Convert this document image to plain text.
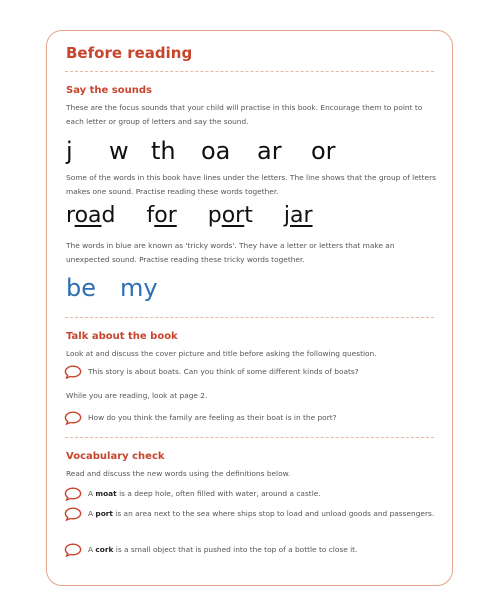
Before reading
Say the sounds

These are the focus sounds that your child will practise in this book. Encourage them to point to each letter or group of letters and say the sound.

j	w th	oa	ar	or

Some of the words in this book have lines under the letters. The line shows that the group of letters makes one sound. Practise reading these words together.

road for port jar

The words in blue are known as 'tricky words'. They have a letter or letters that make an unexpected sound. Practise reading these tricky words together.

be my
Talk about the book

Look at and discuss the cover picture and title before asking the following question.

This story is about boats. Can you think of some different kinds of boats?

While you are reading, look at page 2.

How do you think the family are feeling as their boat is in the port?
Vocabulary check

Read and discuss the new words using the definitions below.

A moat is a deep hole, often filled with water, around a castle.
A port is an area next to the sea where ships stop to load and unload goods and passengers.
A cork is a small object that is pushed into the top of a bottle to close it.
